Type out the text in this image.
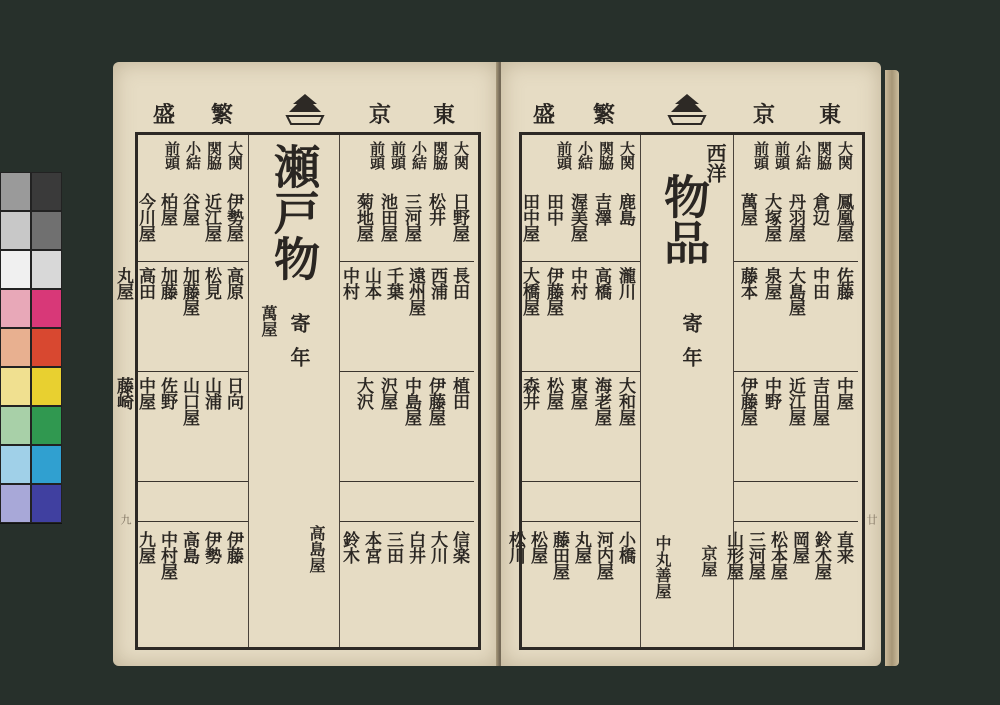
盛 繁	京 東
大関
関脇
小結
前頭
伊勢屋
近江屋
谷屋
柏屋
今川屋
高原
松見
加藤屋
加藤
高田
丸屋
日向
山浦
山口屋
佐野
中屋
藤崎
伊藤
伊勢
高島
中村屋
九屋
瀬戸物
寄
年
萬屋
高島屋
大関
関脇
小結
前頭
前頭
日野屋
松井
三河屋
池田屋
菊地屋
長田
西浦
遠州屋
千葉
山本
中村
植田
伊藤屋
中島屋
沢屋
大沢
信楽
大川
白井
三田
本宮
鈴木
九
盛 繁	京 東
大関
関脇
小結
前頭
鹿島
吉澤
渥美屋
田中
田中屋
瀧川
高橋
中村
伊藤屋
大橋屋
大和屋
海老屋
東屋
松屋
森井
小橋
河内屋
丸屋
藤田屋
松屋
松川
西洋
物品
寄
年
京屋
中丸善屋
大関
関脇
小結
前頭
前頭
鳳凰屋
倉辺
丹羽屋
大塚屋
萬屋
佐藤
中田
大島屋
泉屋
藤本
中屋
吉田屋
近江屋
中野
伊藤屋
直来
鈴木屋
岡屋
松本屋
三河屋
山形屋
廿
